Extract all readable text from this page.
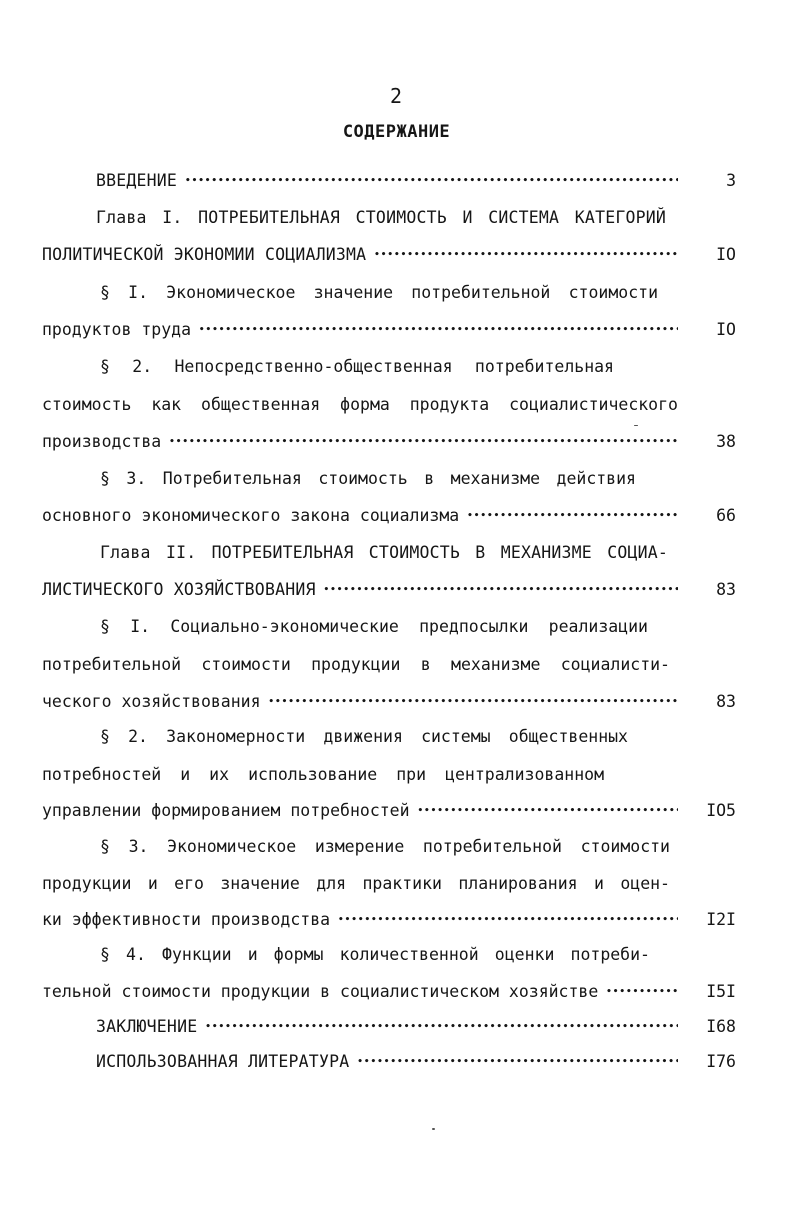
2
СОДЕРЖАНИЕ
ВВЕДЕНИЕ •••••	3
Глава I. ПОТРЕБИТЕЛЬНАЯ СТОИМОСТЬ И СИСТЕМА КАТЕГОРИЙ
ПОЛИТИЧЕСКОЙ ЭКОНОМИИ СОЦИАЛИЗМА •••••	IO
§ I. Экономическое значение потребительной стоимости
продуктов труда •••••	IO
§ 2. Непосредственно-общественная потребительная
стоимость как общественная форма продукта социалистического
производства •••••	38
§ 3. Потребительная стоимость в механизме действия
основного экономического закона социализма •••••	66
Глава II. ПОТРЕБИТЕЛЬНАЯ СТОИМОСТЬ В МЕХАНИЗМЕ СОЦИА-
ЛИСТИЧЕСКОГО ХОЗЯЙСТВОВАНИЯ •••••	83
§ I. Социально-экономические предпосылки реализации
потребительной стоимости продукции в механизме социалисти-
ческого хозяйствования •••••	83
§ 2. Закономерности движения системы общественных
потребностей и их использование при централизованном
управлении формированием потребностей •••••	IO5
§ 3. Экономическое измерение потребительной стоимости
продукции и его значение для практики планирования и оцен-
ки эффективности производства •••••	I2I
§ 4. Функции и формы количественной оценки потреби-
тельной стоимости продукции в социалистическом хозяйстве •••••	I5I
ЗАКЛЮЧЕНИЕ •••••	I68
ИСПОЛЬЗОВАННАЯ ЛИТЕРАТУРА •••••	I76
